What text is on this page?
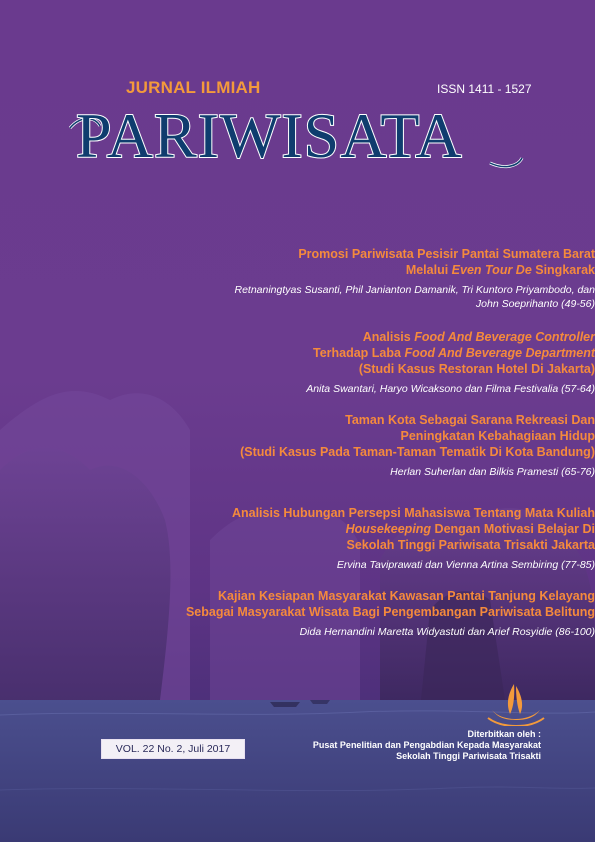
JURNAL ILMIAH	ISSN 1411 - 1527
PARIWISATA
Promosi Pariwisata Pesisir Pantai Sumatera Barat
Melalui Even Tour De Singkarak
Retnaningtyas Susanti, Phil Janianton Damanik, Tri Kuntoro Priyambodo, dan
John Soeprihanto (49-56)
Analisis Food And Beverage Controller
Terhadap Laba Food And Beverage Department
(Studi Kasus Restoran Hotel Di Jakarta)
Anita Swantari, Haryo Wicaksono dan Filma Festivalia (57-64)
Taman Kota Sebagai Sarana Rekreasi Dan
Peningkatan Kebahagiaan Hidup
(Studi Kasus Pada Taman-Taman Tematik Di Kota Bandung)
Herlan Suherlan dan Bilkis Pramesti (65-76)
Analisis Hubungan Persepsi Mahasiswa Tentang Mata Kuliah
Housekeeping Dengan Motivasi Belajar Di
Sekolah Tinggi Pariwisata Trisakti Jakarta
Ervina Taviprawati dan Vienna Artina Sembiring (77-85)
Kajian Kesiapan Masyarakat Kawasan Pantai Tanjung Kelayang
Sebagai Masyarakat Wisata Bagi Pengembangan Pariwisata Belitung
Dida Hernandini Maretta Widyastuti dan Arief Rosyidie (86-100)
VOL. 22 No. 2, Juli 2017
Diterbitkan oleh :
Pusat Penelitian dan Pengabdian Kepada Masyarakat
Sekolah Tinggi Pariwisata Trisakti
